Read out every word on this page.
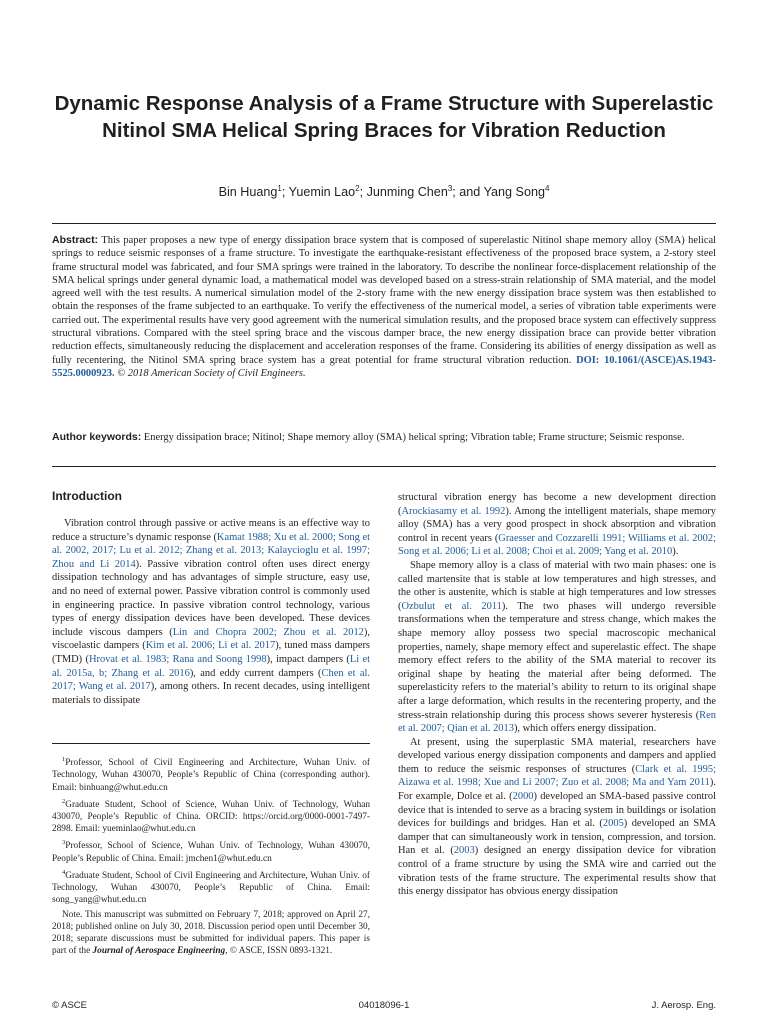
Dynamic Response Analysis of a Frame Structure with Superelastic Nitinol SMA Helical Spring Braces for Vibration Reduction
Bin Huang$^1$; Yuemin Lao$^2$; Junming Chen$^3$; and Yang Song$^4$
Abstract: This paper proposes a new type of energy dissipation brace system that is composed of superelastic Nitinol shape memory alloy (SMA) helical springs to reduce seismic responses of a frame structure. To investigate the earthquake-resistant effectiveness of the proposed brace system, a 2-story steel frame structural model was fabricated, and four SMA springs were trained in the laboratory. To describe the nonlinear force-displacement relationship of the SMA helical springs under general dynamic load, a mathematical model was developed based on a stress-strain relationship of SMA material, and the model agreed well with the test results. A numerical simulation model of the 2-story frame with the new energy dissipation brace system was then established to obtain the responses of the frame subjected to an earthquake. To verify the effectiveness of the numerical model, a series of vibration table experiments were carried out. The experimental results have very good agreement with the numerical simulation results, and the proposed brace system can effectively suppress structural vibrations. Compared with the steel spring brace and the viscous damper brace, the new energy dissipation brace can provide better vibration reduction effects, simultaneously reducing the displacement and acceleration responses of the frame. Considering its abilities of energy dissipation as well as fully recentering, the Nitinol SMA spring brace system has a great potential for frame structural vibration reduction. DOI: 10.1061/(ASCE)AS.1943-5525.0000923. © 2018 American Society of Civil Engineers.
Author keywords: Energy dissipation brace; Nitinol; Shape memory alloy (SMA) helical spring; Vibration table; Frame structure; Seismic response.
Introduction

Vibration control through passive or active means is an effective way to reduce a structure’s dynamic response (Kamat 1988; Xu et al. 2000; Song et al. 2002, 2017; Lu et al. 2012; Zhang et al. 2013; Kalaycioglu et al. 1997; Zhou and Li 2014). Passive vibration control often uses direct energy dissipation technology and has advantages of simple structure, easy use, and no need of external power. Passive vibration control is commonly used in engineering practice. In passive vibration control technology, various types of energy dissipation devices have been developed. These devices include viscous dampers (Lin and Chopra 2002; Zhou et al. 2012), viscoelastic dampers (Kim et al. 2006; Li et al. 2017), tuned mass dampers (TMD) (Hrovat et al. 1983; Rana and Soong 1998), impact dampers (Li et al. 2015a, b; Zhang et al. 2016), and eddy current dampers (Chen et al. 2017; Wang et al. 2017), among others. In recent decades, using intelligent materials to dissipate

structural vibration energy has become a new development direction (Arockiasamy et al. 1992). Among the intelligent materials, shape memory alloy (SMA) has a very good prospect in shock absorption and vibration control in recent years (Graesser and Cozzarelli 1991; Williams et al. 2002; Song et al. 2006; Li et al. 2008; Choi et al. 2009; Yang et al. 2010).

Shape memory alloy is a class of material with two main phases: one is called martensite that is stable at low temperatures and high stresses, and the other is austenite, which is stable at high temperatures and low stresses (Ozbulut et al. 2011). The two phases will undergo reversible transformations when the temperature and stress change, which makes the shape memory alloy possess two special macroscopic mechanical properties, namely, shape memory effect and superelastic effect. The shape memory effect refers to the ability of the SMA material to recover its original shape by heating the material after being deformed. The superelasticity refers to the material’s ability to return to its original shape after a large deformation, which results in the recentering property, and the stress-strain relationship during this process shows severer hysteresis (Ren et al. 2007; Qian et al. 2013), which offers energy dissipation.

At present, using the superplastic SMA material, researchers have developed various energy dissipation components and dampers and applied them to reduce the seismic responses of structures (Clark et al. 1995; Aizawa et al. 1998; Xue and Li 2007; Zuo et al. 2008; Ma and Yam 2011). For example, Dolce et al. (2000) developed an SMA-based passive control device that is intended to serve as a bracing system in buildings or isolation devices for buildings and bridges. Han et al. (2005) developed an SMA damper that can simultaneously work in tension, compression, and torsion. Han et al. (2003) designed an energy dissipation device for vibration control of a frame structure by using the SMA wire and carried out the vibration tests of the frame structure. The experimental results show that this energy dissipator has obvious energy dissipation

$^1$Professor, School of Civil Engineering and Architecture, Wuhan Univ. of Technology, Wuhan 430070, People’s Republic of China (corresponding author). Email: binhuang@whut.edu.cn

$^2$Graduate Student, School of Science, Wuhan Univ. of Technology, Wuhan 430070, People’s Republic of China. ORCID: https://orcid.org/0000-0001-7497-2898. Email: yueminlao@whut.edu.cn

$^3$Professor, School of Science, Wuhan Univ. of Technology, Wuhan 430070, People’s Republic of China. Email: jmchen1@whut.edu.cn

$^4$Graduate Student, School of Civil Engineering and Architecture, Wuhan Univ. of Technology, Wuhan 430070, People’s Republic of China. Email: song_yang@whut.edu.cn

Note. This manuscript was submitted on February 7, 2018; approved on April 27, 2018; published online on July 30, 2018. Discussion period open until December 30, 2018; separate discussions must be submitted for individual papers. This paper is part of the Journal of Aerospace Engineering, © ASCE, ISSN 0893-1321.

© ASCE	04018096-1	J. Aerosp. Eng.
